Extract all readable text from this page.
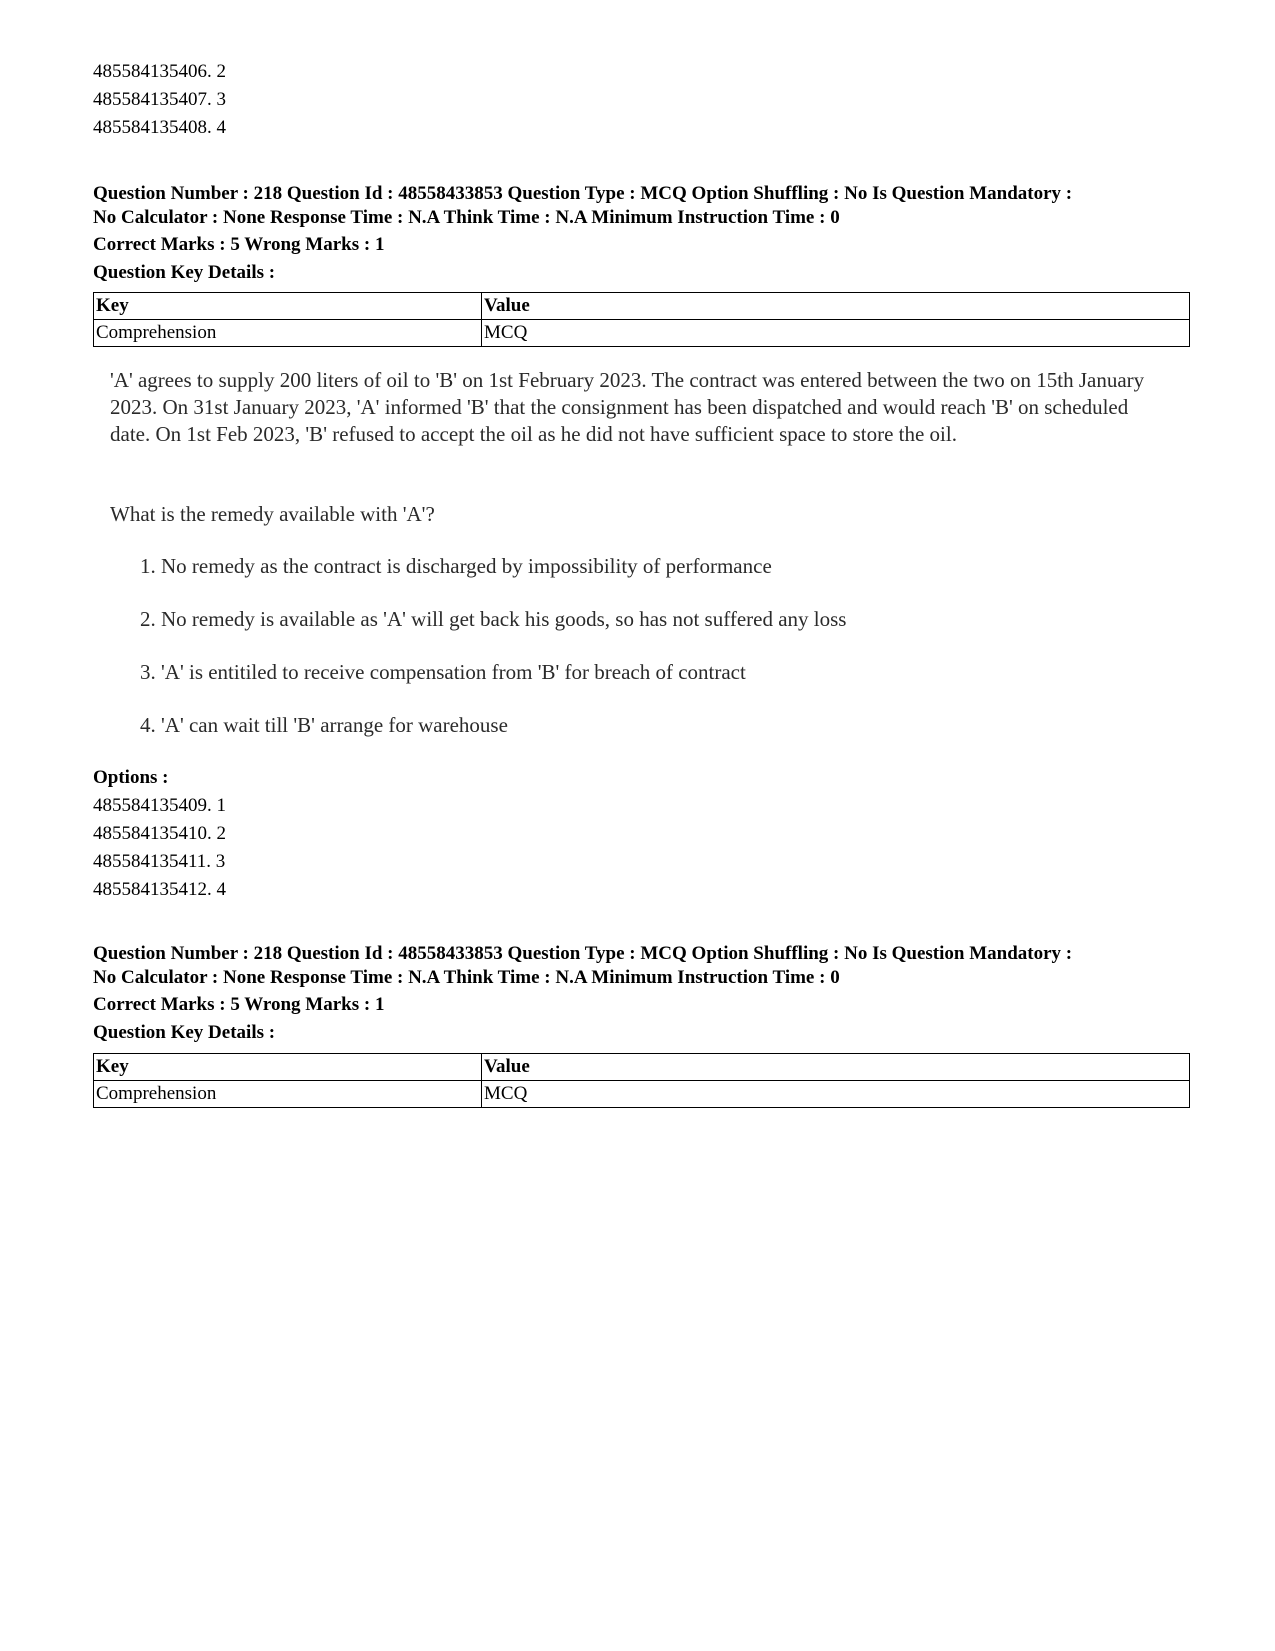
485584135406. 2
485584135407. 3
485584135408. 4
Question Number : 218 Question Id : 48558433853 Question Type : MCQ Option Shuffling : No Is Question Mandatory :
No Calculator : None Response Time : N.A Think Time : N.A Minimum Instruction Time : 0
Correct Marks : 5 Wrong Marks : 1
Question Key Details :
Key	Value
Comprehension	MCQ
'A' agrees to supply 200 liters of oil to 'B' on 1st February 2023. The contract was entered between the two on 15th January 2023. On 31st January 2023, 'A' informed 'B' that the consignment has been dispatched and would reach 'B' on scheduled date. On 1st Feb 2023, 'B' refused to accept the oil as he did not have sufficient space to store the oil.
What is the remedy available with 'A'?
1. No remedy as the contract is discharged by impossibility of performance
2. No remedy is available as 'A' will get back his goods, so has not suffered any loss
3. 'A' is entitiled to receive compensation from 'B' for breach of contract
4. 'A' can wait till 'B' arrange for warehouse
Options :
485584135409. 1
485584135410. 2
485584135411. 3
485584135412. 4
Question Number : 218 Question Id : 48558433853 Question Type : MCQ Option Shuffling : No Is Question Mandatory :
No Calculator : None Response Time : N.A Think Time : N.A Minimum Instruction Time : 0
Correct Marks : 5 Wrong Marks : 1
Question Key Details :
Key	Value
Comprehension	MCQ
